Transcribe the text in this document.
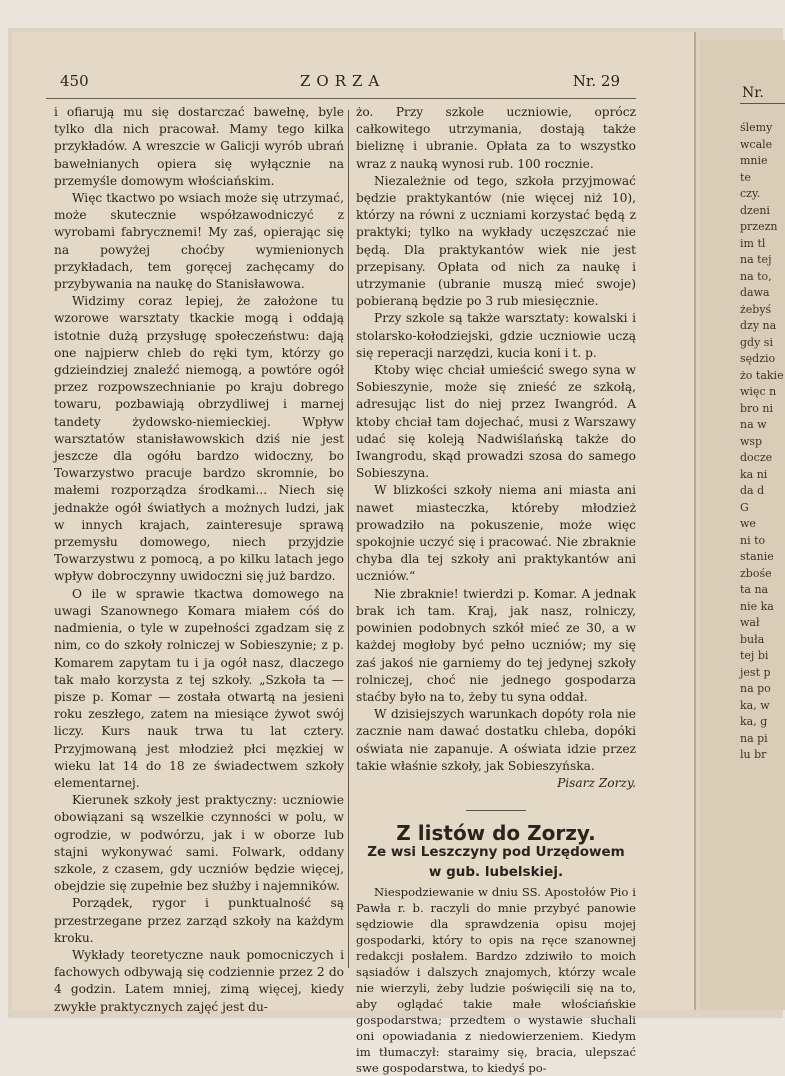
Nr.
ślemy
wcale
mnie
te
czy.
dzeni
przezn
im tl
na tej
na to,
dawa
żebyś
dzy na
gdy si
sędzio
żo takie
więc n
bro ni
na w
wsp
docze
ka ni
da d
G
we
ni to
stanie
zbośe
ta na
nie ka
wał
buła
tej bi
jest p
na po
ka, w
ka, g
na pi
lu br
450	ZORZA	Nr. 29

i ofiarują mu się dostarczać bawełnę, byle tylko dla nich pracował. Mamy tego kilka przykładów. A wreszcie w Galicji wyrób ubrań bawełnianych opiera się wyłącznie na przemyśle domowym włościańskim.

Więc tkactwo po wsiach może się utrzymać, może skutecznie współzawodniczyć z wyrobami fabrycznemi! My zaś, opierając się na powyżej choćby wymienionych przykładach, tem goręcej zachęcamy do przybywania na naukę do Stanisławowa.

Widzimy coraz lepiej, że założone tu wzorowe warsztaty tkackie mogą i oddają istotnie dużą przysługę społeczeństwu: dają one najpierw chleb do ręki tym, którzy go gdzieindziej znaleźć niemogą, a powtóre ogół przez rozpowszechnianie po kraju dobrego towaru, pozbawiają obrzydliwej i marnej tandety żydowsko-niemieckiej. Wpływ warsztatów stanisławowskich dziś nie jest jeszcze dla ogółu bardzo widoczny, bo Towarzystwo pracuje bardzo skromnie, bo małemi rozporządza środkami... Niech się jednakże ogół światłych a możnych ludzi, jak w innych krajach, zainteresuje sprawą przemysłu domowego, niech przyjdzie Towarzystwu z pomocą, a po kilku latach jego wpływ dobroczynny uwidoczni się już bardzo.

O ile w sprawie tkactwa domowego na uwagi Szanownego Komara miałem cóś do nadmienia, o tyle w zupełności zgadzam się z nim, co do szkoły rolniczej w Sobieszynie; z p. Komarem zapytam tu i ja ogół nasz, dlaczego tak mało korzysta z tej szkoły. „Szkoła ta — pisze p. Komar — została otwartą na jesieni roku zeszłego, zatem na miesiące żywot swój liczy. Kurs nauk trwa tu lat cztery. Przyjmowaną jest młodzież płci męzkiej w wieku lat 14 do 18 ze świadectwem szkoły elementarnej.

Kierunek szkoły jest praktyczny: uczniowie obowiązani są wszelkie czynności w polu, w ogrodzie, w podwórzu, jak i w oborze lub stajni wykonywać sami. Folwark, oddany szkole, z czasem, gdy uczniów będzie więcej, obejdzie się zupełnie bez służby i najemników.

Porządek, rygor i punktualność są przestrzegane przez zarząd szkoły na każdym kroku.

Wykłady teoretyczne nauk pomocniczych i fachowych odbywają się codziennie przez 2 do 4 godzin. Latem mniej, zimą więcej, kiedy zwykłe praktycznych zajęć jest du-

żo. Przy szkole uczniowie, oprócz całkowitego utrzymania, dostają także bieliznę i ubranie. Opłata za to wszystko wraz z nauką wynosi rub. 100 rocznie.

Niezależnie od tego, szkoła przyjmować będzie praktykantów (nie więcej niż 10), którzy na równi z uczniami korzystać będą z praktyki; tylko na wykłady uczęszczać nie będą. Dla praktykantów wiek nie jest przepisany. Opłata od nich za naukę i utrzymanie (ubranie muszą mieć swoje) pobieraną będzie po 3 rub miesięcznie.

Przy szkole są także warsztaty: kowalski i stolarsko-kołodziejski, gdzie uczniowie uczą się reperacji narzędzi, kucia koni i t. p.

Ktoby więc chciał umieścić swego syna w Sobieszynie, może się znieść ze szkołą, adresując list do niej przez Iwangród. A ktoby chciał tam dojechać, musi z Warszawy udać się koleją Nadwiślańską także do Iwangrodu, skąd prowadzi szosa do samego Sobieszyna.

W blizkości szkoły niema ani miasta ani nawet miasteczka, któreby młodzież prowadziło na pokuszenie, może więc spokojnie uczyć się i pracować. Nie zbraknie chyba dla tej szkoły ani praktykantów ani uczniów.“

Nie zbraknie! twierdzi p. Komar. A jednak brak ich tam. Kraj, jak nasz, rolniczy, powinien podobnych szkół mieć ze 30, a w każdej mogłoby być pełno uczniów; my się zaś jakoś nie garniemy do tej jedynej szkoły rolniczej, choć nie jednego gospodarza staćby było na to, żeby tu syna oddał.

W dzisiejszych warunkach dopóty rola nie zacznie nam dawać dostatku chleba, dopóki oświata nie zapanuje. A oświata idzie przez takie właśnie szkoły, jak Sobieszyńska.

Pisarz Zorzy.

Z listów do Zorzy.
Ze wsi Leszczyny pod Urzędowem
w gub. lubelskiej.

Niespodziewanie w dniu SS. Apostołów Pio i Pawła r. b. raczyli do mnie przybyć panowie sędziowie dla sprawdzenia opisu mojej gospodarki, który to opis na ręce szanownej redakcji posłałem. Bardzo zdziwiło to moich sąsiadów i dalszych znajomych, którzy wcale nie wierzyli, żeby ludzie poświęcili się na to, aby oglądać takie małe włościańskie gospodarstwa; przedtem o wystawie słuchali oni opowiadania z niedowierzeniem. Kiedym im tłumaczył: staraimy się, bracia, ulepszać swe gospodarstwa, to kiedyś po-
